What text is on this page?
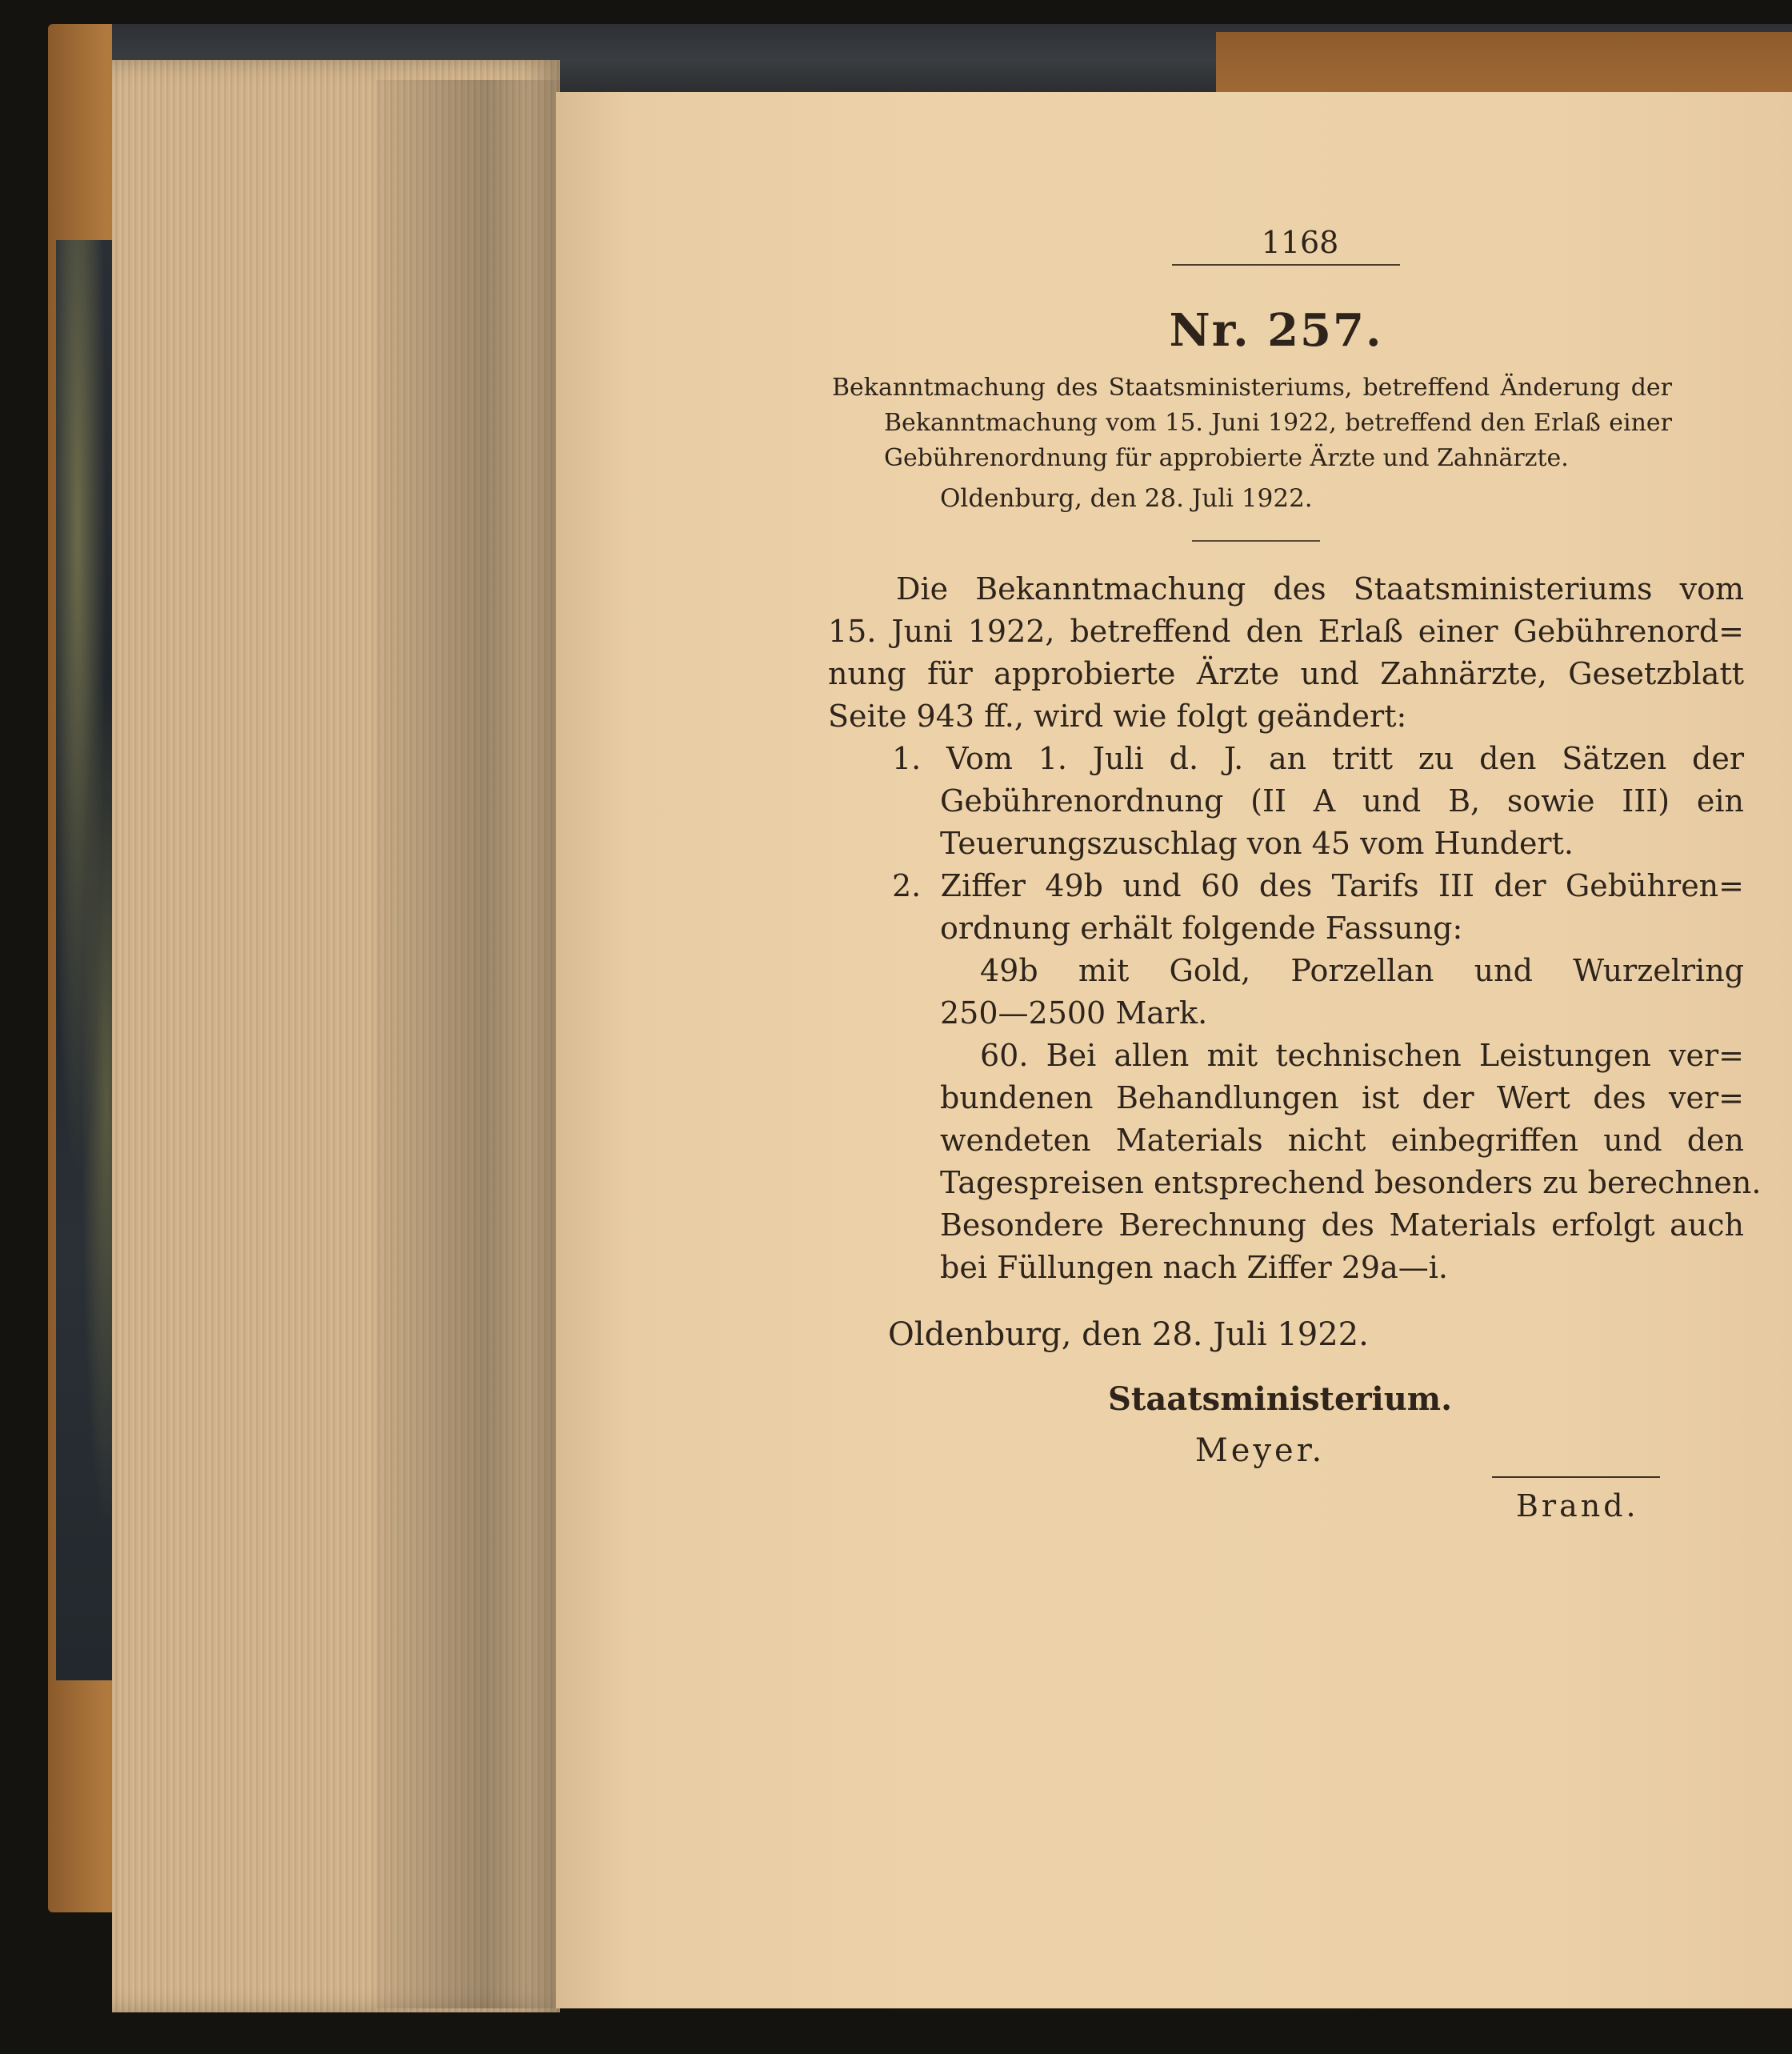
1168
Nr. 257.
Bekanntmachung des Staatsministeriums, betreffend Änderung der
Bekanntmachung vom 15. Juni 1922, betreffend den Erlaß einer
Gebührenordnung für approbierte Ärzte und Zahnärzte.
Oldenburg, den 28. Juli 1922.
Die Bekanntmachung des Staatsministeriums vom
15. Juni 1922, betreffend den Erlaß einer Gebührenord=
nung für approbierte Ärzte und Zahnärzte, Gesetzblatt
Seite 943 ff., wird wie folgt geändert:
1. Vom 1. Juli d. J. an tritt zu den Sätzen der
Gebührenordnung (II A und B, sowie III) ein
Teuerungszuschlag von 45 vom Hundert.
2. Ziffer 49b und 60 des Tarifs III der Gebühren=
ordnung erhält folgende Fassung:
49b mit Gold, Porzellan und Wurzelring
250—2500 Mark.
60. Bei allen mit technischen Leistungen ver=
bundenen Behandlungen ist der Wert des ver=
wendeten Materials nicht einbegriffen und den
Tagespreisen entsprechend besonders zu berechnen.
Besondere Berechnung des Materials erfolgt auch
bei Füllungen nach Ziffer 29a—i.
Oldenburg, den 28. Juli 1922.
Staatsministerium.
Meyer.
Brand.
